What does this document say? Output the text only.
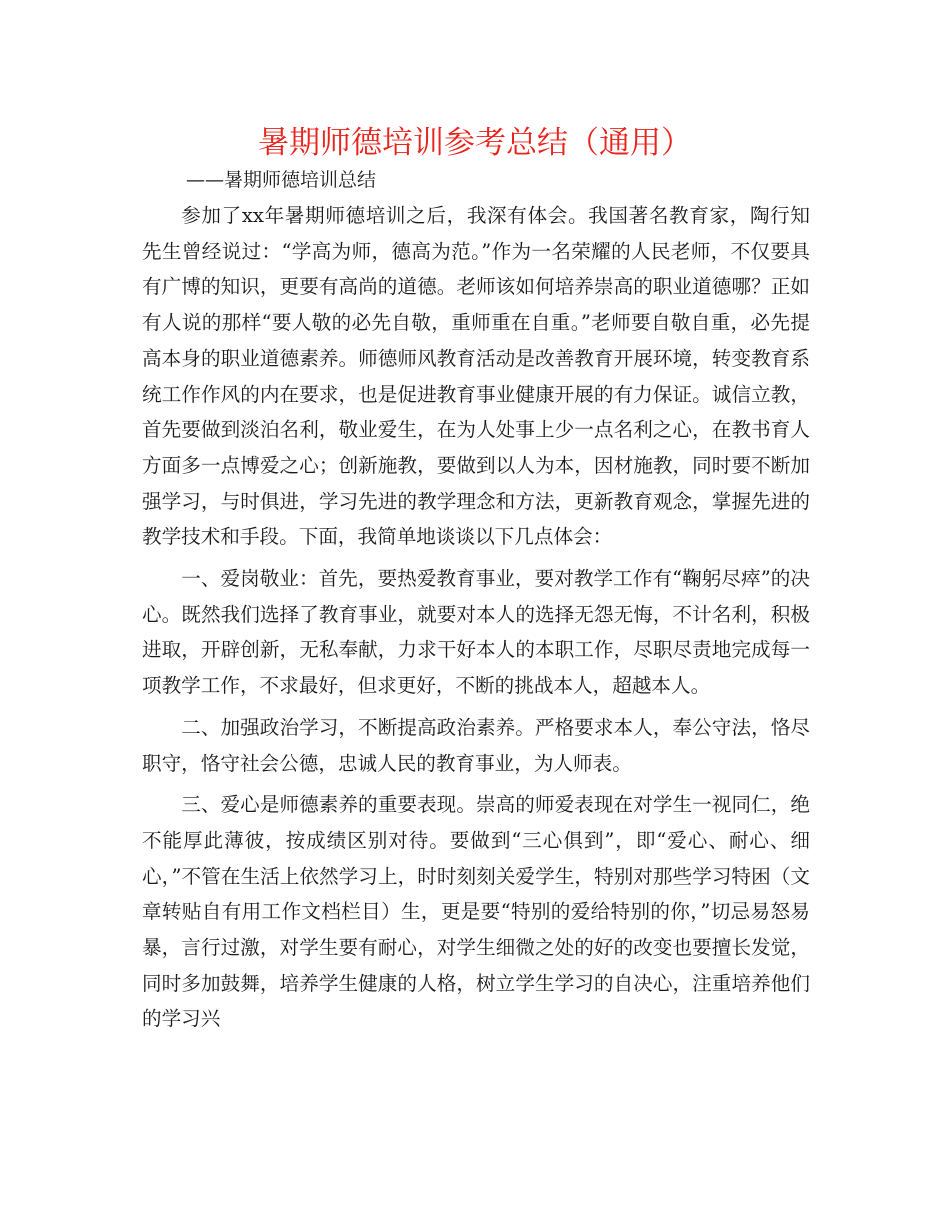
暑期师德培训参考总结（通用）
——暑期师德培训总结

参加了xx年暑期师德培训之后，我深有体会。我国著名教育家，陶行知先生曾经说过：“学高为师，德高为范。”作为一名荣耀的人民老师，不仅要具有广博的知识，更要有高尚的道德。老师该如何培养崇高的职业道德哪？正如有人说的那样“要人敬的必先自敬，重师重在自重。”老师要自敬自重，必先提高本身的职业道德素养。师德师风教育活动是改善教育开展环境，转变教育系统工作作风的内在要求，也是促进教育事业健康开展的有力保证。诚信立教，首先要做到淡泊名利，敬业爱生，在为人处事上少一点名利之心，在教书育人方面多一点博爱之心；创新施教，要做到以人为本，因材施教，同时要不断加强学习，与时俱进，学习先进的教学理念和方法，更新教育观念，掌握先进的教学技术和手段。下面，我简单地谈谈以下几点体会：

一、爱岗敬业：首先，要热爱教育事业，要对教学工作有“鞠躬尽瘁”的决心。既然我们选择了教育事业，就要对本人的选择无怨无悔，不计名利，积极进取，开辟创新，无私奉献，力求干好本人的本职工作，尽职尽责地完成每一项教学工作，不求最好，但求更好，不断的挑战本人，超越本人。

二、加强政治学习，不断提高政治素养。严格要求本人，奉公守法，恪尽职守，恪守社会公德，忠诚人民的教育事业，为人师表。

三、爱心是师德素养的重要表现。崇高的师爱表现在对学生一视同仁，绝不能厚此薄彼，按成绩区别对待。要做到“三心俱到”，即“爱心、耐心、细心，”不管在生活上依然学习上，时时刻刻关爱学生，特别对那些学习特困（文章转贴自有用工作文档栏目）生，更是要“特别的爱给特别的你，”切忌易怒易暴，言行过激，对学生要有耐心，对学生细微之处的好的改变也要擅长发觉，同时多加鼓舞，培养学生健康的人格，树立学生学习的自决心，注重培养他们的学习兴
